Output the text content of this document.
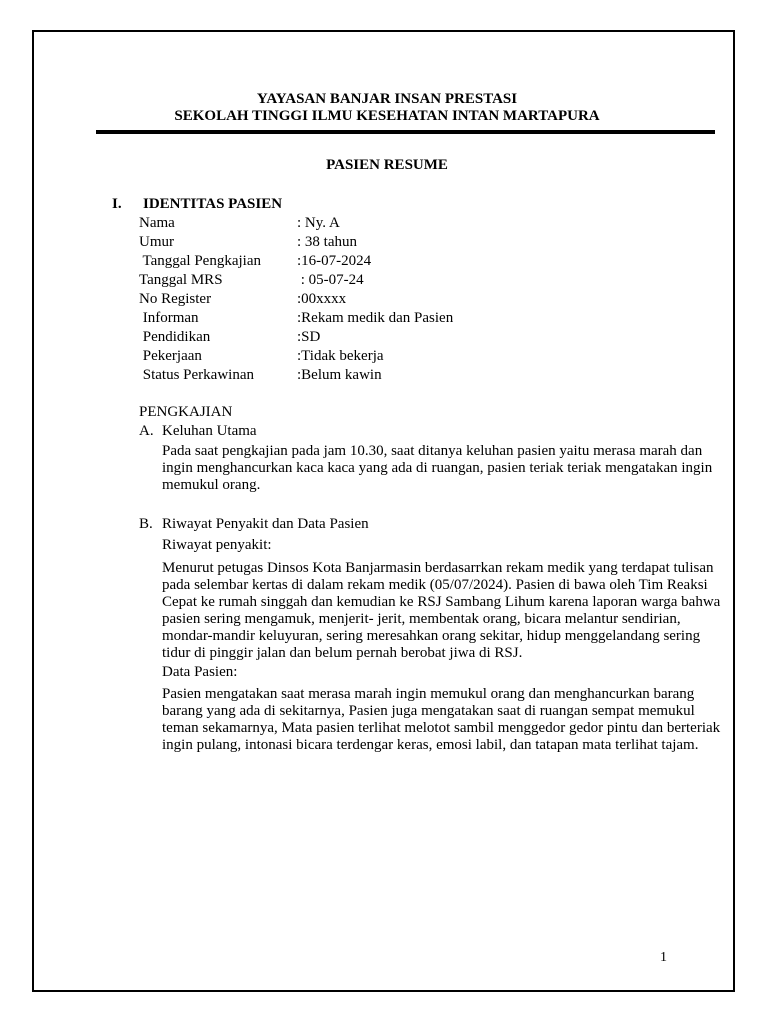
YAYASAN BANJAR INSAN PRESTASI
SEKOLAH TINGGI ILMU KESEHATAN INTAN MARTAPURA
PASIEN RESUME
I. IDENTITAS PASIEN
Nama	: Ny. A
Umur	: 38 tahun
Tanggal Pengkajian :16-07-2024
Tanggal MRS	: 05-07-24
No Register	:00xxxx
Informan	:Rekam medik dan Pasien
Pendidikan	:SD
Pekerjaan	:Tidak bekerja
Status Perkawinan	:Belum kawin
PENGKAJIAN
A. Keluhan Utama
Pada saat pengkajian pada jam 10.30, saat ditanya keluhan pasien yaitu merasa marah dan ingin menghancurkan kaca kaca yang ada di ruangan, pasien teriak teriak mengatakan ingin memukul orang.
B. Riwayat Penyakit dan Data Pasien
Riwayat penyakit:
Menurut petugas Dinsos Kota Banjarmasin berdasarrkan rekam medik yang terdapat tulisan pada selembar kertas di dalam rekam medik (05/07/2024). Pasien di bawa oleh Tim Reaksi Cepat ke rumah singgah dan kemudian ke RSJ Sambang Lihum karena laporan warga bahwa pasien sering mengamuk, menjerit- jerit, membentak orang, bicara melantur sendirian, mondar-mandir keluyuran, sering meresahkan orang sekitar, hidup menggelandang sering tidur di pinggir jalan dan belum pernah berobat jiwa di RSJ.
Data Pasien:
Pasien mengatakan saat merasa marah ingin memukul orang dan menghancurkan barang barang yang ada di sekitarnya, Pasien juga mengatakan saat di ruangan sempat memukul teman sekamarnya, Mata pasien terlihat melotot sambil menggedor gedor pintu dan berteriak ingin pulang, intonasi bicara terdengar keras, emosi labil, dan tatapan mata terlihat tajam.
1
